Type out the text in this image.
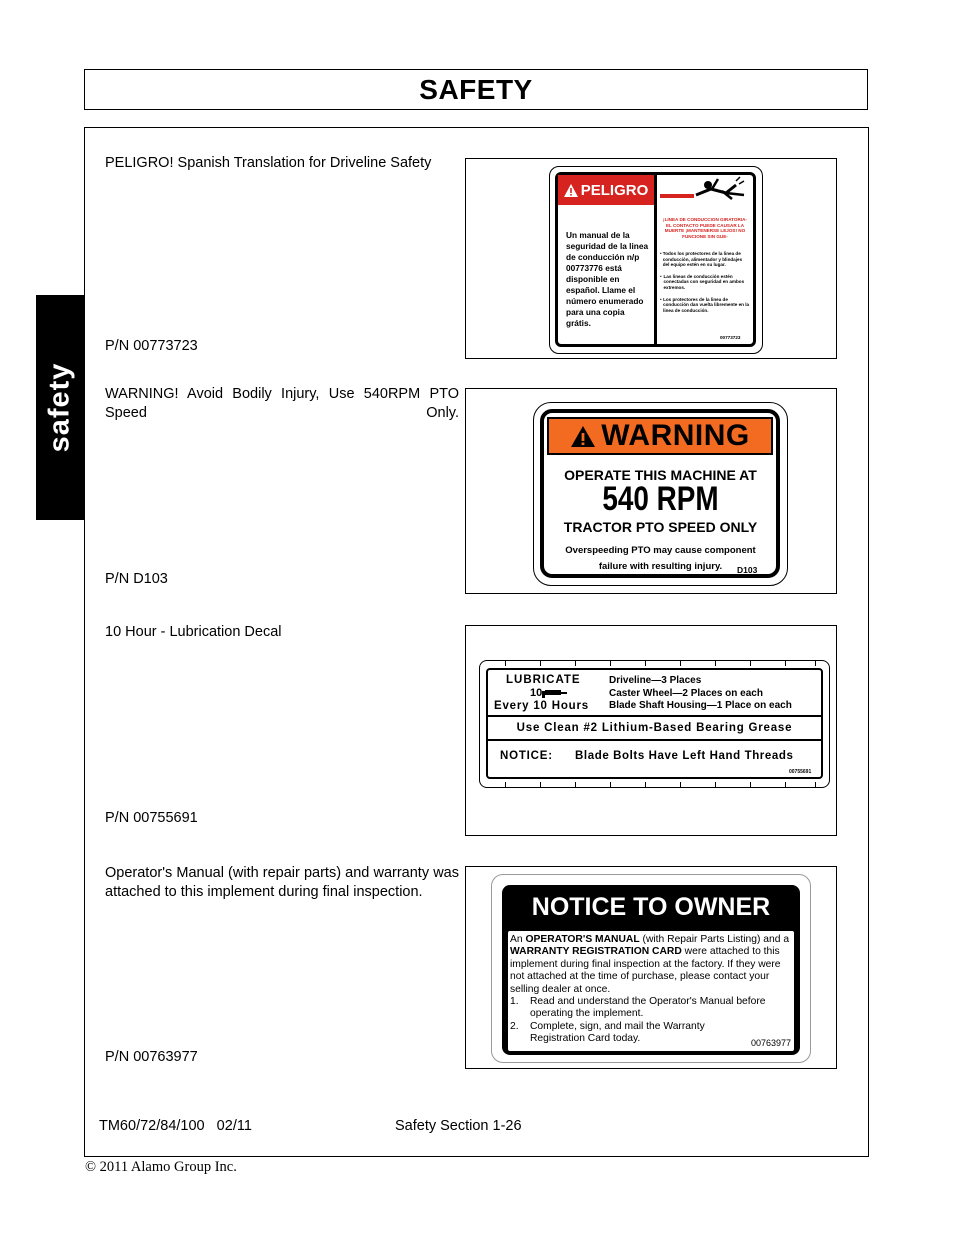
SAFETY
safety
PELIGRO! Spanish Translation for Driveline Safety
P/N 00773723
PELIGRO
Un manual de la seguridad de la linea de conducción n/p 00773776 está disponible en español. Llame el número enumerado para una copia grátis.
¡LINEA DE CONDUCCION GIRATORIA- EL CONTACTO PUEDE CAUSAR LA MUERTE ¡MANTENERSE LEJOS! NO FUNCIONE SIN GUE-
• Todos los protectores de la linea de conducción, alimentador y blindajes del equipo estén en su lugar.
• Las lineas de conducción estén conectadas con seguridad en ambos extremos.
• Los protectores de la linea de conducción dan vuelta libremente en la linea de conducción.
00773723
WARNING! Avoid Bodily Injury, Use 540RPM PTO Speed Only.
P/N D103
WARNING
OPERATE THIS MACHINE AT
540 RPM
TRACTOR PTO SPEED ONLY
Overspeeding PTO may cause component
failure with resulting injury.	D103
10 Hour - Lubrication Decal
P/N 00755691
LUBRICATE
10
Every 10 Hours
Driveline—3 Places
Caster Wheel—2 Places on each
Blade Shaft Housing—1 Place on each
Use Clean #2 Lithium-Based Bearing Grease
NOTICE: Blade Bolts Have Left Hand Threads
00755691
Operator's Manual (with repair parts) and warranty was attached to this implement during final inspection.
P/N 00763977
NOTICE TO OWNER
An OPERATOR'S MANUAL (with Repair Parts Listing) and a WARRANTY REGISTRATION CARD were attached to this implement during final inspection at the factory. If they were not attached at the time of purchase, please contact your selling dealer at once.
1.	Read and understand the Operator's Manual before operating the implement.
2.	Complete, sign, and mail the Warranty Registration Card today.	00763977
TM60/72/84/100   02/11	Safety Section 1-26
© 2011 Alamo Group Inc.
